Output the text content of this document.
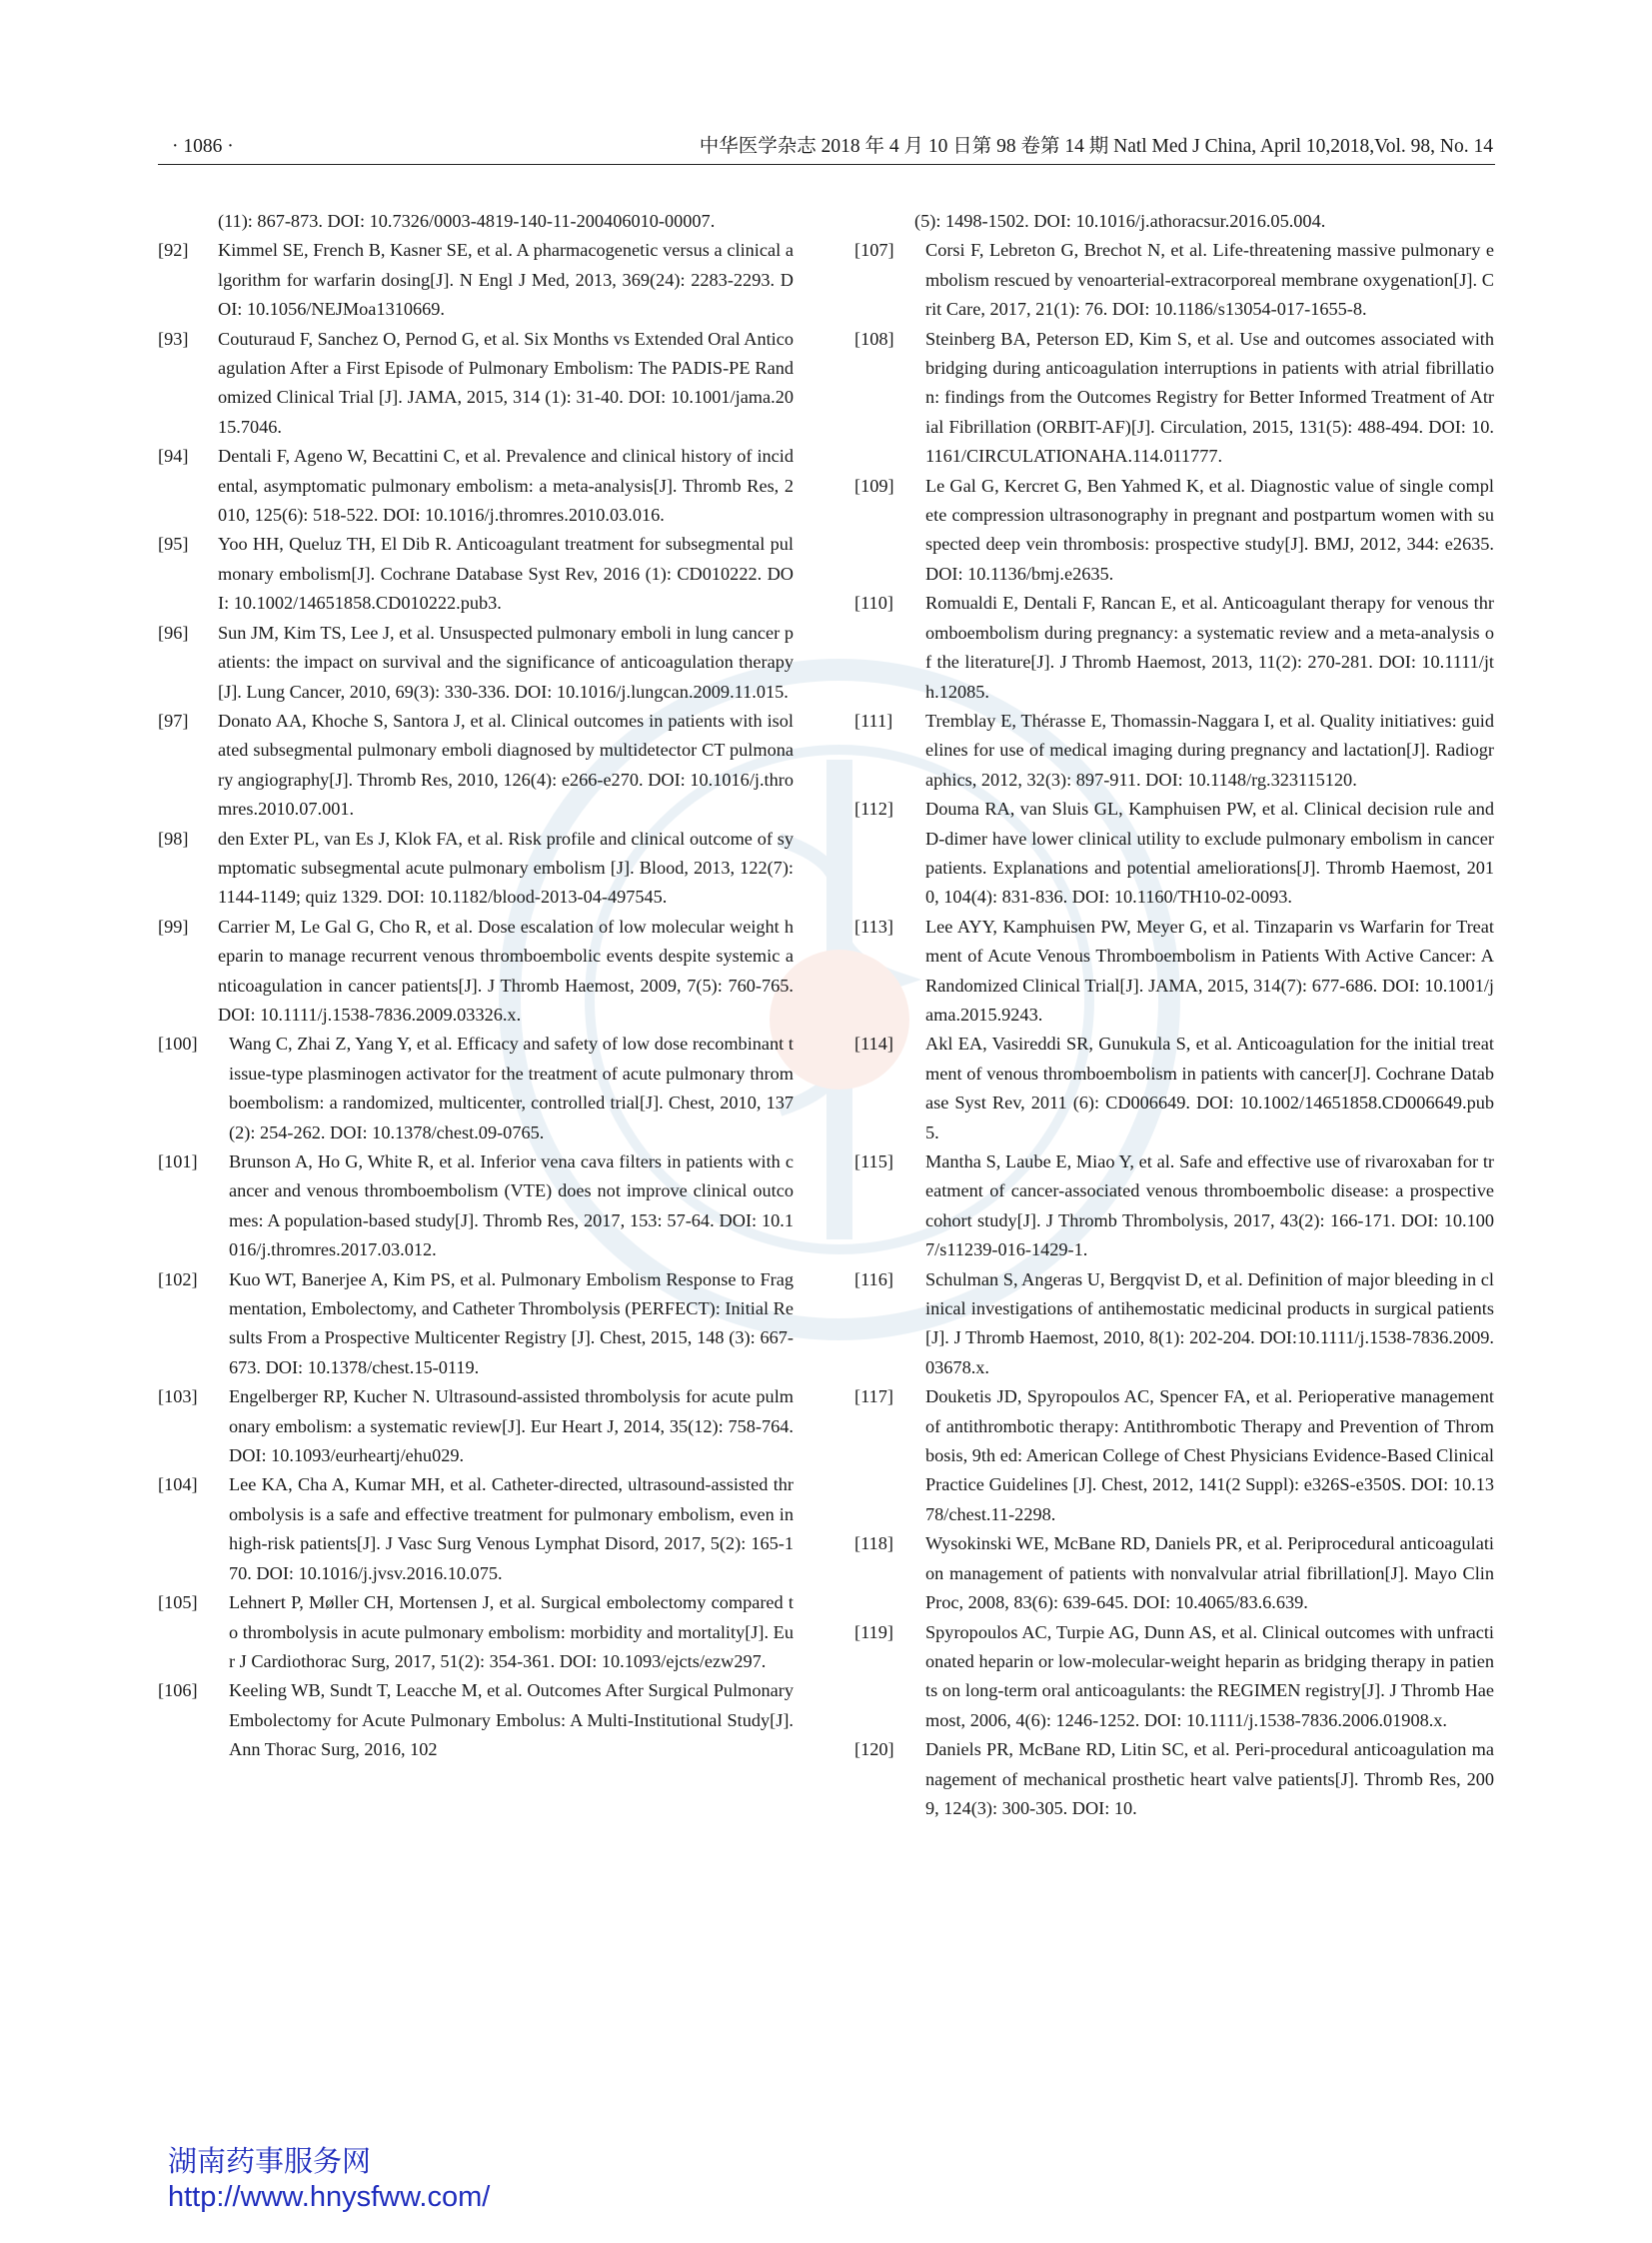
· 1086 ·	中华医学杂志 2018 年 4 月 10 日第 98 卷第 14 期 Natl Med J China, April 10,2018,Vol. 98, No. 14
(11): 867-873. DOI: 10.7326/0003-4819-140-11-200406010-00007.
[92]	Kimmel SE, French B, Kasner SE, et al. A pharmacogenetic versus a clinical algorithm for warfarin dosing[J]. N Engl J Med, 2013, 369(24): 2283-2293. DOI: 10.1056/NEJMoa1310669.
[93]	Couturaud F, Sanchez O, Pernod G, et al. Six Months vs Extended Oral Anticoagulation After a First Episode of Pulmonary Embolism: The PADIS-PE Randomized Clinical Trial [J]. JAMA, 2015, 314 (1): 31-40. DOI: 10.1001/jama.2015.7046.
[94]	Dentali F, Ageno W, Becattini C, et al. Prevalence and clinical history of incidental, asymptomatic pulmonary embolism: a meta-analysis[J]. Thromb Res, 2010, 125(6): 518-522. DOI: 10.1016/j.thromres.2010.03.016.
[95]	Yoo HH, Queluz TH, El Dib R. Anticoagulant treatment for subsegmental pulmonary embolism[J]. Cochrane Database Syst Rev, 2016 (1): CD010222. DOI: 10.1002/14651858.CD010222.pub3.
[96]	Sun JM, Kim TS, Lee J, et al. Unsuspected pulmonary emboli in lung cancer patients: the impact on survival and the significance of anticoagulation therapy[J]. Lung Cancer, 2010, 69(3): 330-336. DOI: 10.1016/j.lungcan.2009.11.015.
[97]	Donato AA, Khoche S, Santora J, et al. Clinical outcomes in patients with isolated subsegmental pulmonary emboli diagnosed by multidetector CT pulmonary angiography[J]. Thromb Res, 2010, 126(4): e266-e270. DOI: 10.1016/j.thromres.2010.07.001.
[98]	den Exter PL, van Es J, Klok FA, et al. Risk profile and clinical outcome of symptomatic subsegmental acute pulmonary embolism [J]. Blood, 2013, 122(7): 1144-1149; quiz 1329. DOI: 10.1182/blood-2013-04-497545.
[99]	Carrier M, Le Gal G, Cho R, et al. Dose escalation of low molecular weight heparin to manage recurrent venous thromboembolic events despite systemic anticoagulation in cancer patients[J]. J Thromb Haemost, 2009, 7(5): 760-765. DOI: 10.1111/j.1538-7836.2009.03326.x.
[100]	Wang C, Zhai Z, Yang Y, et al. Efficacy and safety of low dose recombinant tissue-type plasminogen activator for the treatment of acute pulmonary thromboembolism: a randomized, multicenter, controlled trial[J]. Chest, 2010, 137(2): 254-262. DOI: 10.1378/chest.09-0765.
[101]	Brunson A, Ho G, White R, et al. Inferior vena cava filters in patients with cancer and venous thromboembolism (VTE) does not improve clinical outcomes: A population-based study[J]. Thromb Res, 2017, 153: 57-64. DOI: 10.1016/j.thromres.2017.03.012.
[102]	Kuo WT, Banerjee A, Kim PS, et al. Pulmonary Embolism Response to Fragmentation, Embolectomy, and Catheter Thrombolysis (PERFECT): Initial Results From a Prospective Multicenter Registry [J]. Chest, 2015, 148 (3): 667-673. DOI: 10.1378/chest.15-0119.
[103]	Engelberger RP, Kucher N. Ultrasound-assisted thrombolysis for acute pulmonary embolism: a systematic review[J]. Eur Heart J, 2014, 35(12): 758-764. DOI: 10.1093/eurheartj/ehu029.
[104]	Lee KA, Cha A, Kumar MH, et al. Catheter-directed, ultrasound-assisted thrombolysis is a safe and effective treatment for pulmonary embolism, even in high-risk patients[J]. J Vasc Surg Venous Lymphat Disord, 2017, 5(2): 165-170. DOI: 10.1016/j.jvsv.2016.10.075.
[105]	Lehnert P, Møller CH, Mortensen J, et al. Surgical embolectomy compared to thrombolysis in acute pulmonary embolism: morbidity and mortality[J]. Eur J Cardiothorac Surg, 2017, 51(2): 354-361. DOI: 10.1093/ejcts/ezw297.
[106]	Keeling WB, Sundt T, Leacche M, et al. Outcomes After Surgical Pulmonary Embolectomy for Acute Pulmonary Embolus: A Multi-Institutional Study[J]. Ann Thorac Surg, 2016, 102
(5): 1498-1502. DOI: 10.1016/j.athoracsur.2016.05.004.
[107]	Corsi F, Lebreton G, Brechot N, et al. Life-threatening massive pulmonary embolism rescued by venoarterial-extracorporeal membrane oxygenation[J]. Crit Care, 2017, 21(1): 76. DOI: 10.1186/s13054-017-1655-8.
[108]	Steinberg BA, Peterson ED, Kim S, et al. Use and outcomes associated with bridging during anticoagulation interruptions in patients with atrial fibrillation: findings from the Outcomes Registry for Better Informed Treatment of Atrial Fibrillation (ORBIT-AF)[J]. Circulation, 2015, 131(5): 488-494. DOI: 10.1161/CIRCULATIONAHA.114.011777.
[109]	Le Gal G, Kercret G, Ben Yahmed K, et al. Diagnostic value of single complete compression ultrasonography in pregnant and postpartum women with suspected deep vein thrombosis: prospective study[J]. BMJ, 2012, 344: e2635. DOI: 10.1136/bmj.e2635.
[110]	Romualdi E, Dentali F, Rancan E, et al. Anticoagulant therapy for venous thromboembolism during pregnancy: a systematic review and a meta-analysis of the literature[J]. J Thromb Haemost, 2013, 11(2): 270-281. DOI: 10.1111/jth.12085.
[111]	Tremblay E, Thérasse E, Thomassin-Naggara I, et al. Quality initiatives: guidelines for use of medical imaging during pregnancy and lactation[J]. Radiographics, 2012, 32(3): 897-911. DOI: 10.1148/rg.323115120.
[112]	Douma RA, van Sluis GL, Kamphuisen PW, et al. Clinical decision rule and D-dimer have lower clinical utility to exclude pulmonary embolism in cancer patients. Explanations and potential ameliorations[J]. Thromb Haemost, 2010, 104(4): 831-836. DOI: 10.1160/TH10-02-0093.
[113]	Lee AYY, Kamphuisen PW, Meyer G, et al. Tinzaparin vs Warfarin for Treatment of Acute Venous Thromboembolism in Patients With Active Cancer: A Randomized Clinical Trial[J]. JAMA, 2015, 314(7): 677-686. DOI: 10.1001/jama.2015.9243.
[114]	Akl EA, Vasireddi SR, Gunukula S, et al. Anticoagulation for the initial treatment of venous thromboembolism in patients with cancer[J]. Cochrane Database Syst Rev, 2011 (6): CD006649. DOI: 10.1002/14651858.CD006649.pub5.
[115]	Mantha S, Laube E, Miao Y, et al. Safe and effective use of rivaroxaban for treatment of cancer-associated venous thromboembolic disease: a prospective cohort study[J]. J Thromb Thrombolysis, 2017, 43(2): 166-171. DOI: 10.1007/s11239-016-1429-1.
[116]	Schulman S, Angeras U, Bergqvist D, et al. Definition of major bleeding in clinical investigations of antihemostatic medicinal products in surgical patients[J]. J Thromb Haemost, 2010, 8(1): 202-204. DOI:10.1111/j.1538-7836.2009.03678.x.
[117]	Douketis JD, Spyropoulos AC, Spencer FA, et al. Perioperative management of antithrombotic therapy: Antithrombotic Therapy and Prevention of Thrombosis, 9th ed: American College of Chest Physicians Evidence-Based Clinical Practice Guidelines [J]. Chest, 2012, 141(2 Suppl): e326S-e350S. DOI: 10.1378/chest.11-2298.
[118]	Wysokinski WE, McBane RD, Daniels PR, et al. Periprocedural anticoagulation management of patients with nonvalvular atrial fibrillation[J]. Mayo Clin Proc, 2008, 83(6): 639-645. DOI: 10.4065/83.6.639.
[119]	Spyropoulos AC, Turpie AG, Dunn AS, et al. Clinical outcomes with unfractionated heparin or low-molecular-weight heparin as bridging therapy in patients on long-term oral anticoagulants: the REGIMEN registry[J]. J Thromb Haemost, 2006, 4(6): 1246-1252. DOI: 10.1111/j.1538-7836.2006.01908.x.
[120]	Daniels PR, McBane RD, Litin SC, et al. Peri-procedural anticoagulation management of mechanical prosthetic heart valve patients[J]. Thromb Res, 2009, 124(3): 300-305. DOI: 10.
湖南药事服务网
http://www.hnysfww.com/
